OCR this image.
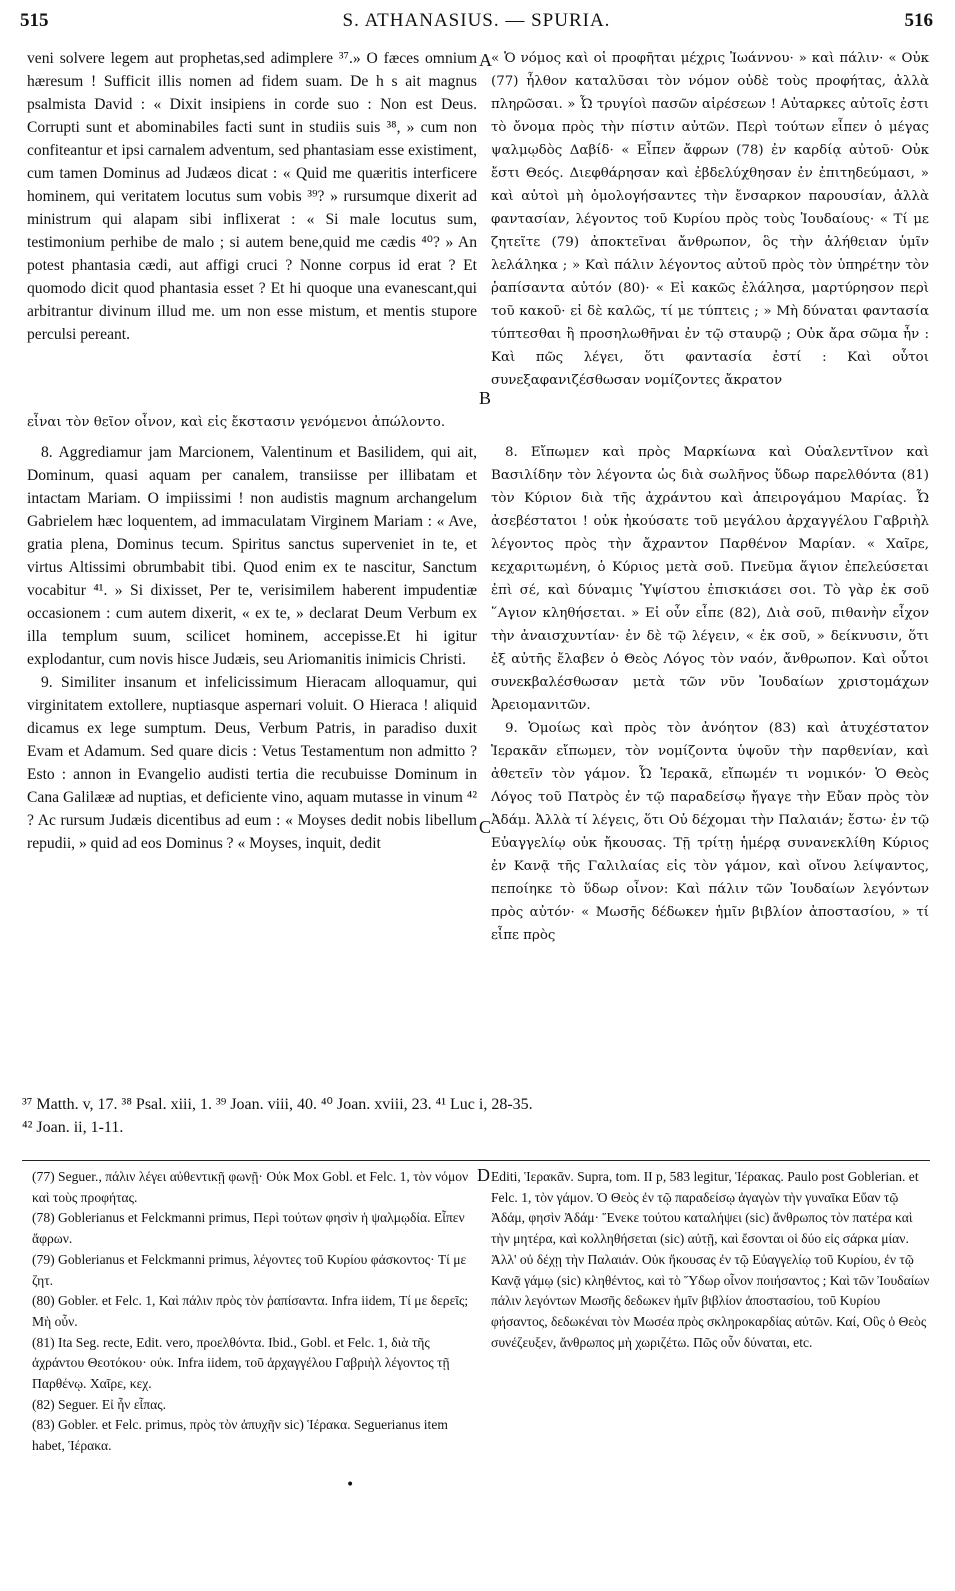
515	S. ATHANASIUS. — SPURIA.	516

veni solvere legem aut prophetas,sed adimplere ³⁷.» O fæces omnium hæresum ! Sufficit illis nomen ad fidem suam. De h s ait magnus psalmista David : « Dixit insipiens in corde suo : Non est Deus. Corrupti sunt et abominabiles facti sunt in studiis suis ³⁸, » cum non confiteantur et ipsi carnalem adventum, sed phantasiam esse existiment, cum tamen Dominus ad Judæos dicat : « Quid me quæritis interficere hominem, qui veritatem locutus sum vobis ³⁹? » rursumque dixerit ad ministrum qui alapam sibi inflixerat : « Si male locutus sum, testimonium perhibe de malo ; si autem bene,quid me cædis ⁴⁰? » An potest phantasia cædi, aut affigi cruci ? Nonne corpus id erat ? Et quomodo dicit quod phantasia esset ? Et hi quoque una evanescant,qui arbitrantur divinum illud me. um non esse mistum, et mentis stupore perculsi pereant.

« Ὁ νόμος καὶ οἱ προφῆται μέχρις Ἰωάννου· » καὶ πάλιν· « Οὐκ (77) ἦλθον καταλῦσαι τὸν νόμον οὐδὲ τοὺς προφήτας, ἀλλὰ πληρῶσαι. » Ὦ τρυγίοὶ πασῶν αἱρέσεων ! Αὐταρκες αὐτοῖς ἐστι τὸ ὄνομα πρὸς τὴν πίστιν αὐτῶν. Περὶ τούτων εἶπεν ὁ μέγας ψαλμῳδὸς Δαβίδ· « Εἶπεν ἄφρων (78) ἐν καρδίᾳ αὐτοῦ· Οὐκ ἔστι Θεός. Διεφθάρησαν καὶ ἐβδελύχθησαν ἐν ἐπιτηδεύμασι, » καὶ αὐτοὶ μὴ ὁμολογήσαντες τὴν ἔνσαρκον παρουσίαν, ἀλλὰ φαντασίαν, λέγοντος τοῦ Κυρίου πρὸς τοὺς Ἰουδαίους· « Τί με ζητεῖτε (79) ἀποκτεῖναι ἄνθρωπον, ὃς τὴν ἀλήθειαν ὑμῖν λελάληκα ; » Καὶ πάλιν λέγοντος αὐτοῦ πρὸς τὸν ὑπηρέτην τὸν ῥαπίσαντα αὐτόν (80)· « Εἰ κακῶς ἐλάλησα, μαρτύρησον περὶ τοῦ κακοῦ· εἰ δὲ καλῶς, τί με τύπτεις ; » Μὴ δύναται φαντασία τύπτεσθαι ἢ προσηλωθῆναι ἐν τῷ σταυρῷ ; Οὐκ ἄρα σῶμα ἦν : Καὶ πῶς λέγει, ὅτι φαντασία ἐστί : Καὶ οὗτοι συνεξαφανιζέσθωσαν νομίζοντες ἄκρατον

A
B
C
D
εἶναι τὸν θεῖον οἶνον, καὶ εἰς ἔκστασιν γενόμενοι ἀπώλοντο.

8. Aggrediamur jam Marcionem, Valentinum et Basilidem, qui ait, Dominum, quasi aquam per canalem, transiisse per illibatam et intactam Mariam. O impiissimi ! non audistis magnum archangelum Gabrielem hæc loquentem, ad immaculatam Virginem Mariam : « Ave, gratia plena, Dominus tecum. Spiritus sanctus superveniet in te, et virtus Altissimi obrumbabit tibi. Quod enim ex te nascitur, Sanctum vocabitur ⁴¹. » Si dixisset, Per te, verisimilem haberent impudentiæ occasionem : cum autem dixerit, « ex te, » declarat Deum Verbum ex illa templum suum, scilicet hominem, accepisse.Et hi igitur explodantur, cum novis hisce Judæis, seu Ariomanitis inimicis Christi.

9. Similiter insanum et infelicissimum Hieracam alloquamur, qui virginitatem extollere, nuptiasque aspernari voluit. O Hieraca ! aliquid dicamus ex lege sumptum. Deus, Verbum Patris, in paradiso duxit Evam et Adamum. Sed quare dicis : Vetus Testamentum non admitto ? Esto : annon in Evangelio audisti tertia die recubuisse Dominum in Cana Galilææ ad nuptias, et deficiente vino, aquam mutasse in vinum ⁴² ? Ac rursum Judæis dicentibus ad eum : « Moyses dedit nobis libellum repudii, » quid ad eos Dominus ? « Moyses, inquit, dedit

8. Εἴπωμεν καὶ πρὸς Μαρκίωνα καὶ Οὐαλεντῖνον καὶ Βασιλίδην τὸν λέγοντα ὡς διὰ σωλῆνος ὕδωρ παρελθόντα (81) τὸν Κύριον διὰ τῆς ἀχράντου καὶ ἀπειρογάμου Μαρίας. Ὦ ἀσεβέστατοι ! οὐκ ἠκούσατε τοῦ μεγάλου ἀρχαγγέλου Γαβριὴλ λέγοντος πρὸς τὴν ἄχραντον Παρθένον Μαρίαν. « Χαῖρε, κεχαριτωμένη, ὁ Κύριος μετὰ σοῦ. Πνεῦμα ἅγιον ἐπελεύσεται ἐπὶ σέ, καὶ δύναμις Ὑψίστου ἐπισκιάσει σοι. Τὸ γὰρ ἐκ σοῦ ῞Αγιον κληθήσεται. » Εἰ οὖν εἶπε (82), Διὰ σοῦ, πιθανὴν εἶχον τὴν ἀναισχυντίαν· ἐν δὲ τῷ λέγειν, « ἐκ σοῦ, » δείκνυσιν, ὅτι ἐξ αὐτῆς ἔλαβεν ὁ Θεὸς Λόγος τὸν ναόν, ἄνθρωπον. Καὶ οὗτοι συνεκβαλέσθωσαν μετὰ τῶν νῦν Ἰουδαίων χριστομάχων Ἀρειομανιτῶν.

9. Ὁμοίως καὶ πρὸς τὸν ἀνόητον (83) καὶ ἀτυχέστατον Ἱερακᾶν εἴπωμεν, τὸν νομίζοντα ὑψοῦν τὴν παρθενίαν, καὶ ἀθετεῖν τὸν γάμον. Ὦ Ἱερακᾶ, εἴπωμέν τι νομικόν· Ὁ Θεὸς Λόγος τοῦ Πατρὸς ἐν τῷ παραδείσῳ ἤγαγε τὴν Εὔαν πρὸς τὸν Ἀδάμ. Ἀλλὰ τί λέγεις, ὅτι Οὐ δέχομαι τὴν Παλαιάν; ἔστω· ἐν τῷ Εὐαγγελίῳ οὐκ ἤκουσας. Τῇ τρίτῃ ἡμέρᾳ συνανεκλίθη Κύριος ἐν Κανᾷ τῆς Γαλιλαίας εἰς τὸν γάμον, καὶ οἴνου λείψαντος, πεποίηκε τὸ ὕδωρ οἶνον: Καὶ πάλιν τῶν Ἰουδαίων λεγόντων πρὸς αὐτόν· « Μωσῆς δέδωκεν ἡμῖν βιβλίον ἀποστασίου, » τί εἶπε πρὸς

³⁷ Matth. v, 17. ³⁸ Psal. xiii, 1. ³⁹ Joan. viii, 40. ⁴⁰ Joan. xviii, 23. ⁴¹ Luc i, 28-35.

⁴² Joan. ii, 1-11.

(77) Seguer., πάλιν λέγει αὐθεντικῇ φωνῇ· Οὐκ Mox Gobl. et Felc. 1, τὸν νόμον καὶ τοὺς προφήτας.

(78) Goblerianus et Felckmanni primus, Περὶ τούτων φησὶν ἡ ψαλμῳδία. Εἶπεν ἄφρων.

(79) Goblerianus et Felckmanni primus, λέγοντες τοῦ Κυρίου φάσκοντος· Τί με ζητ.

(80) Gobler. et Felc. 1, Καὶ πάλιν πρὸς τὸν ῥαπίσαντα. Infra iidem, Τί με δερεῖς; Μὴ οὖν.

(81) Ita Seg. recte, Edit. vero, προελθόντα. Ibid., Gobl. et Felc. 1, διὰ τῆς ἀχράντου Θεοτόκου· οὐκ. Infra iidem, τοῦ ἀρχαγγέλου Γαβριὴλ λέγοντος τῇ Παρθένῳ. Χαῖρε, κεχ.

(82) Seguer. Εἰ ἦν εἶπας.

(83) Gobler. et Felc. primus, πρὸς τὸν ἀπυχῆν sic) Ἱέρακα. Seguerianus item habet, Ἱέρακα.

Editi, Ἱερακᾶν. Supra, tom. II p, 583 legitur, Ἱέρακας. Paulo post Goblerian. et Felc. 1, τὸν γάμον. Ὁ Θεὸς ἐν τῷ παραδείσῳ ἀγαγὼν τὴν γυναῖκα Εὔαν τῷ Ἀδάμ, φησὶν Ἀδάμ· Ἕνεκε τούτου καταλήψει (sic) ἄνθρωπος τὸν πατέρα καὶ τὴν μητέρα, καὶ κολληθήσεται (sic) αὐτῇ, καὶ ἔσονται οἱ δύο εἰς σάρκα μίαν. Ἀλλ' οὐ δέχῃ τὴν Παλαιάν. Οὐκ ἤκουσας ἐν τῷ Εὐαγγελίῳ τοῦ Κυρίου, ἐν τῷ Κανᾷ γάμῳ (sic) κληθέντος, καὶ τὸ Ὕδωρ οἶνον ποιήσαντος ; Καὶ τῶν Ἰουδαίων πάλιν λεγόντων Μωσῆς δεδωκεν ἡμῖν βιβλίον ἀποστασίου, τοῦ Κυρίου φήσαντος, δεδωκέναι τὸν Μωσέα πρὸς σκληροκαρδίας αὐτῶν. Καί, Οὓς ὁ Θεὸς συνέζευξεν, ἄνθρωπος μὴ χωριζέτω. Πῶς οὖν δύναται, etc.

•
